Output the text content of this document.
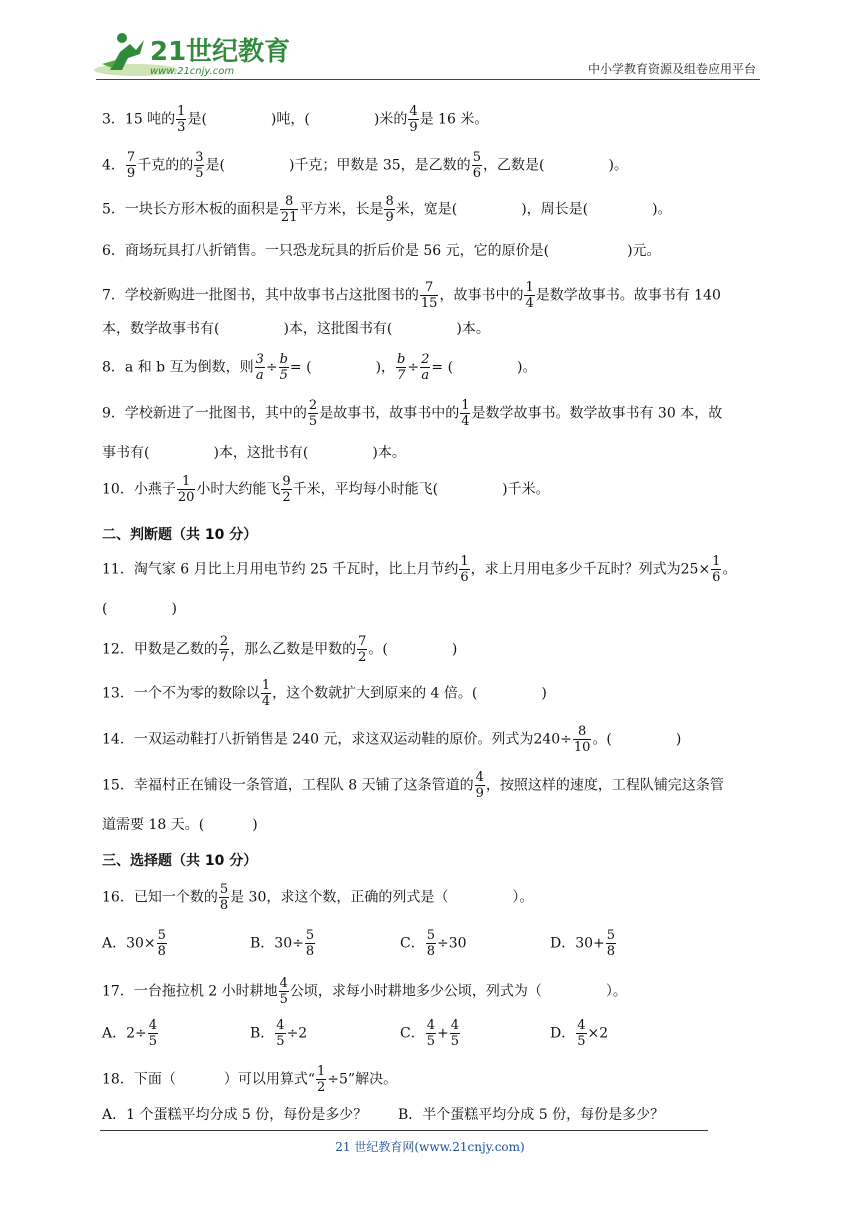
21世纪教育
www.21cnjy.com	中小学教育资源及组卷应用平台
3．15 吨的 $\frac{1}{3}$ 是(	)吨，(	)米的 $\frac{4}{9}$ 是 16 米。
4． $\frac{7}{9}$ 千克的的 $\frac{3}{5}$ 是(	)千克；甲数是 35，是乙数的 $\frac{5}{6}$ ，乙数是(	)。
5．一块长方形木板的面积是 $\frac{8}{21}$ 平方米，长是 $\frac{8}{9}$ 米，宽是(	)，周长是(	)。
6．商场玩具打八折销售。一只恐龙玩具的折后价是 56 元，它的原价是(	)元。
7．学校新购进一批图书，其中故事书占这批图书的 $\frac{7}{15}$ ，故事书中的 $\frac{1}{4}$ 是数学故事书。故事书有 140
本，数学故事书有(	)本，这批图书有(	)本。
8．a 和 b 互为倒数，则 $\frac{3}{a} \div \frac{b}{5}$ = (	)， $\frac{b}{7} \div \frac{2}{a}$ = (	)。
9．学校新进了一批图书，其中的 $\frac{2}{5}$ 是故事书，故事书中的 $\frac{1}{4}$ 是数学故事书。数学故事书有 30 本，故
事书有(	)本，这批书有(	)本。
10．小燕子 $\frac{1}{20}$ 小时大约能飞 $\frac{9}{2}$ 千米，平均每小时能飞(	)千米。
二、判断题（共 10 分）
11．淘气家 6 月比上月用电节约 25 千瓦时，比上月节约 $\frac{1}{6}$ ，求上月用电多少千瓦时？列式为$25\times \frac{1}{6}$ 。
(	)
12．甲数是乙数的 $\frac{2}{7}$ ，那么乙数是甲数的 $\frac{7}{2}$ 。(	)
13．一个不为零的数除以 $\frac{1}{4}$ ，这个数就扩大到原来的 4 倍。(	)
14．一双运动鞋打八折销售是 240 元，求这双运动鞋的原价。列式为$240\div \frac{8}{10}$ 。(	)
15．幸福村正在铺设一条管道，工程队 8 天铺了这条管道的 $\frac{4}{9}$ ，按照这样的速度，工程队铺完这条管
道需要 18 天。(	)
三、选择题（共 10 分）
16．已知一个数的 $\frac{5}{8}$ 是 30，求这个数，正确的列式是（	）。
A．$30\times \frac{5}{8}$	B．$30\div \frac{5}{8}$	C． $\frac{5}{8} \div 30$	D．$30+ \frac{5}{8}$
17．一台拖拉机 2 小时耕地 $\frac{4}{5}$ 公顷，求每小时耕地多少公顷，列式为（	）。
A．$2\div \frac{4}{5}$	B． $\frac{4}{5} \div 2$	C． $\frac{4}{5} + \frac{4}{5}$	D． $\frac{4}{5} \times 2$
18．下面（	）可以用算式“ $\frac{1}{2} \div 5$”解决。
A．1 个蛋糕平均分成 5 份，每份是多少？ B．半个蛋糕平均分成 5 份，每份是多少？
21 世纪教育网(www.21cnjy.com)
